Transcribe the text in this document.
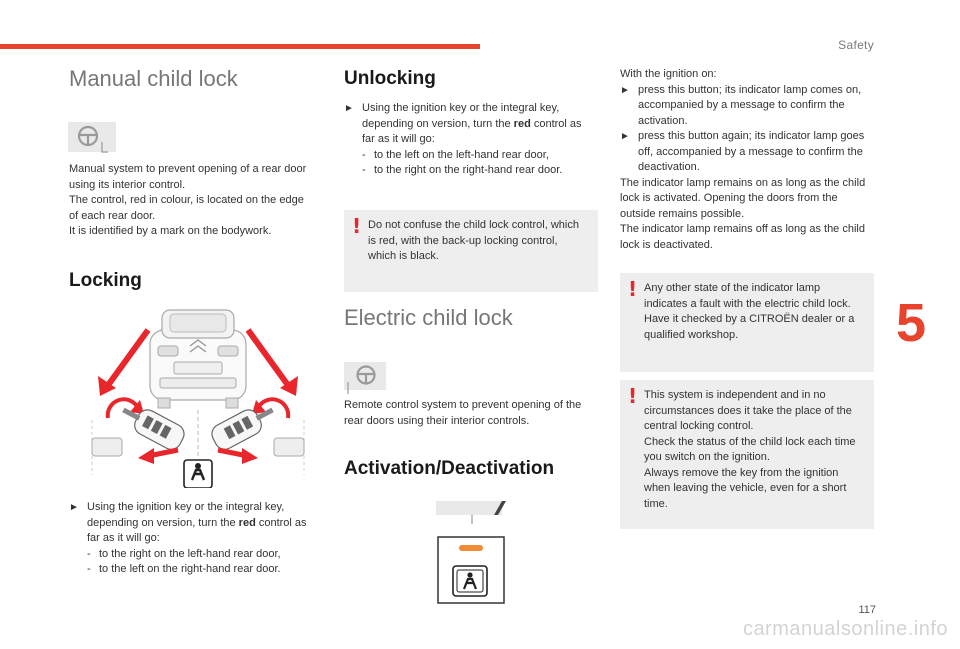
Safety
Manual child lock

Manual system to prevent opening of a rear door using its interior control.

The control, red in colour, is located on the edge of each rear door.

It is identified by a mark on the bodywork.

Locking

► Using the ignition key or the integral key, depending on version, turn the red control as far as it will go:

- to the right on the left-hand rear door,

- to the left on the right-hand rear door.

Unlocking

► Using the ignition key or the integral key, depending on version, turn the red control as far as it will go:

- to the left on the left-hand rear door,

- to the right on the right-hand rear door.

! Do not confuse the child lock control, which is red, with the back-up locking control, which is black.

Electric child lock
Remote control system to prevent opening of the rear doors using their interior controls.
Activation/Deactivation

With the ignition on:

► press this button; its indicator lamp comes on, accompanied by a message to confirm the activation.

► press this button again; its indicator lamp goes off, accompanied by a message to confirm the deactivation.

The indicator lamp remains on as long as the child lock is activated. Opening the doors from the outside remains possible.

The indicator lamp remains off as long as the child lock is deactivated.

! Any other state of the indicator lamp indicates a fault with the electric child lock. Have it checked by a CITROËN dealer or a qualified workshop.

! This system is independent and in no circumstances does it take the place of the central locking control.

Check the status of the child lock each time you switch on the ignition.

Always remove the key from the ignition when leaving the vehicle, even for a short time.

5
117
carmanualsonline.info
